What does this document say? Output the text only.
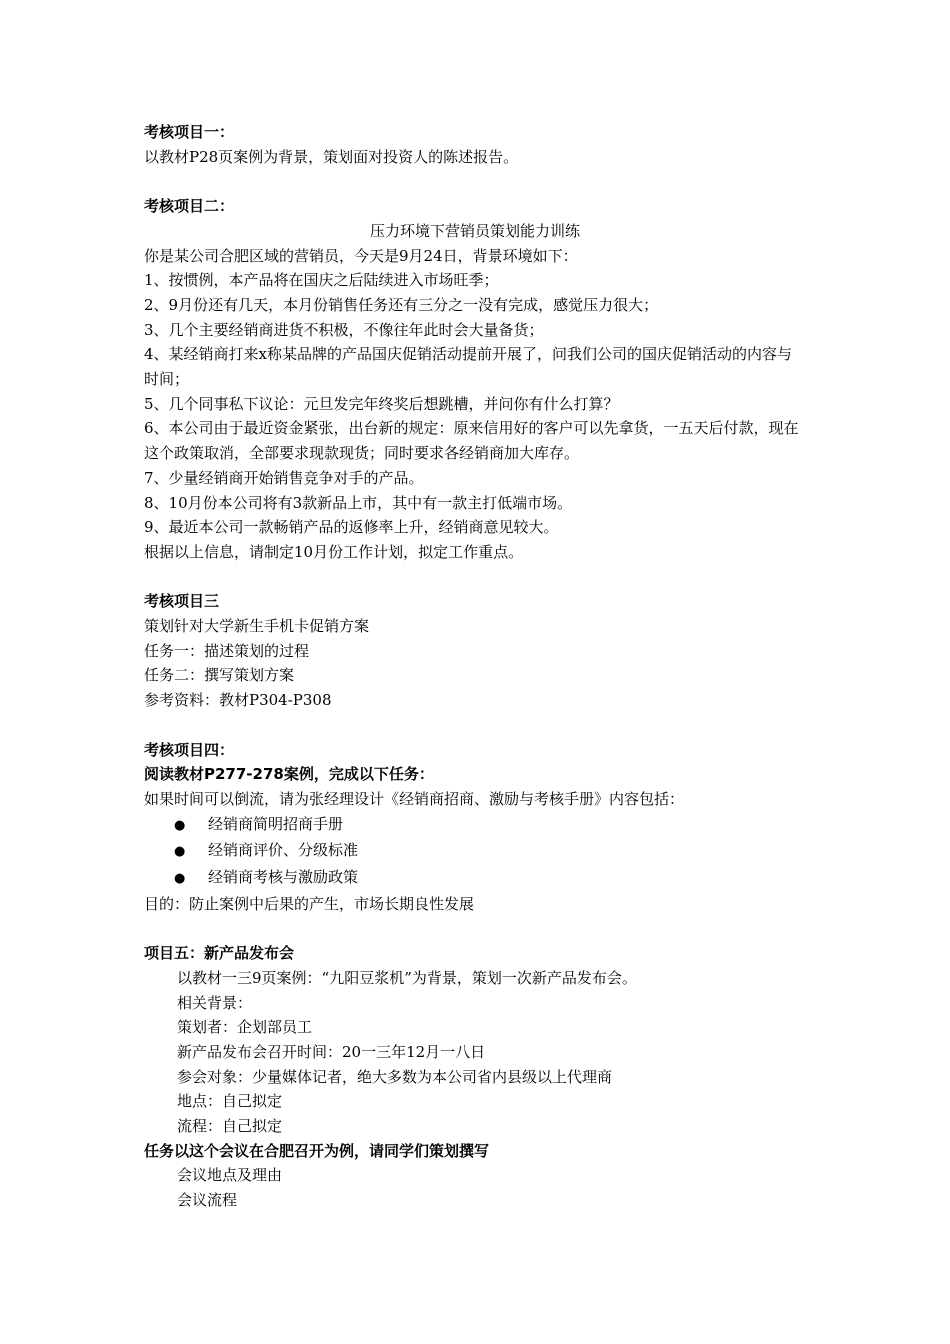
考核项目一：
以教材P28页案例为背景，策划面对投资人的陈述报告。
考核项目二：
压力环境下营销员策划能力训练
你是某公司合肥区域的营销员，今天是9月24日，背景环境如下：
1、按惯例，本产品将在国庆之后陆续进入市场旺季；
2、9月份还有几天，本月份销售任务还有三分之一没有完成，感觉压力很大；
3、几个主要经销商进货不积极，不像往年此时会大量备货；
4、某经销商打来x称某品牌的产品国庆促销活动提前开展了，问我们公司的国庆促销活动的内容与时间；
5、几个同事私下议论：元旦发完年终奖后想跳槽，并问你有什么打算？
6、本公司由于最近资金紧张，出台新的规定：原来信用好的客户可以先拿货，一五天后付款，现在这个政策取消，全部要求现款现货；同时要求各经销商加大库存。
7、少量经销商开始销售竞争对手的产品。
8、10月份本公司将有3款新品上市，其中有一款主打低端市场。
9、最近本公司一款畅销产品的返修率上升，经销商意见较大。
根据以上信息，请制定10月份工作计划，拟定工作重点。
考核项目三
策划针对大学新生手机卡促销方案
任务一：描述策划的过程
任务二：撰写策划方案
参考资料：教材P304-P308
考核项目四：
阅读教材P277-278案例，完成以下任务：
如果时间可以倒流，请为张经理设计《经销商招商、激励与考核手册》内容包括：
● 经销商简明招商手册
● 经销商评价、分级标准
● 经销商考核与激励政策
目的：防止案例中后果的产生，市场长期良性发展
项目五：新产品发布会
以教材一三9页案例：“九阳豆浆机”为背景，策划一次新产品发布会。
相关背景：
策划者：企划部员工
新产品发布会召开时间：20一三年12月一八日
参会对象：少量媒体记者，绝大多数为本公司省内县级以上代理商
地点：自己拟定
流程：自己拟定
任务以这个会议在合肥召开为例，请同学们策划撰写
会议地点及理由
会议流程
